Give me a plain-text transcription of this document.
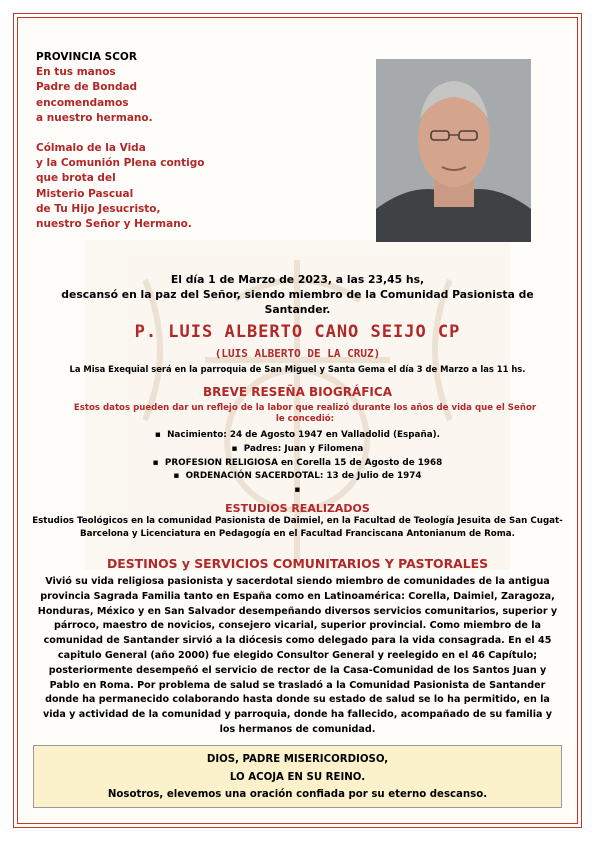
PROVINCIA SCOR
En tus manos
Padre de Bondad
encomendamos
a nuestro hermano.
Cólmalo de la Vida
y la Comunión Plena contigo
que brota del
Misterio Pascual
de Tu Hijo Jesucristo,
nuestro Señor y Hermano.
El día 1 de Marzo de 2023, a las 23,45 hs,
descansó en la paz del Señor, siendo miembro de la Comunidad Pasionista de
Santander.
P. LUIS ALBERTO CANO SEIJO CP
(LUIS ALBERTO DE LA CRUZ)
La Misa Exequial será en la parroquia de San Miguel y Santa Gema el día 3 de Marzo a las 11 hs.
BREVE RESEÑA BIOGRÁFICA
Estos datos pueden dar un reflejo de la labor que realizó durante los años de vida que el Señor le concedió:
▪  Nacimiento: 24 de Agosto 1947 en Valladolid (España).
▪  Padres: Juan y Filomena
▪  PROFESION RELIGIOSA en Corella 15 de Agosto de 1968
▪  ORDENACIÓN SACERDOTAL: 13 de Julio de 1974
▪
ESTUDIOS REALIZADOS
Estudios Teológicos en la comunidad Pasionista de Daimiel, en la Facultad de Teología Jesuita de San Cugat-Barcelona y Licenciatura en Pedagogía en el Facultad Franciscana Antonianum de Roma.
DESTINOS y SERVICIOS COMUNITARIOS Y PASTORALES
Vivió su vida religiosa pasionista y sacerdotal siendo miembro de comunidades de la antigua provincia Sagrada Familia tanto en España como en Latinoamérica: Corella, Daimiel, Zaragoza, Honduras, México y en San Salvador desempeñando diversos servicios comunitarios, superior y párroco, maestro de novicios, consejero vicarial, superior provincial. Como miembro de la comunidad de Santander sirvió a la diócesis como delegado para la vida consagrada. En el 45 capitulo General (año 2000) fue elegido Consultor General y reelegido en el 46 Capítulo; posteriormente desempeñó el servicio de rector de la Casa-Comunidad de los Santos Juan y Pablo en Roma. Por problema de salud se trasladó a la Comunidad Pasionista de Santander donde ha permanecido colaborando hasta donde su estado de salud se lo ha permitido, en la vida y actividad de la comunidad y parroquia, donde ha fallecido, acompañado de su familia y los hermanos de comunidad.
DIOS, PADRE MISERICORDIOSO,
LO ACOJA EN SU REINO.
Nosotros, elevemos una oración confiada por su eterno descanso.
